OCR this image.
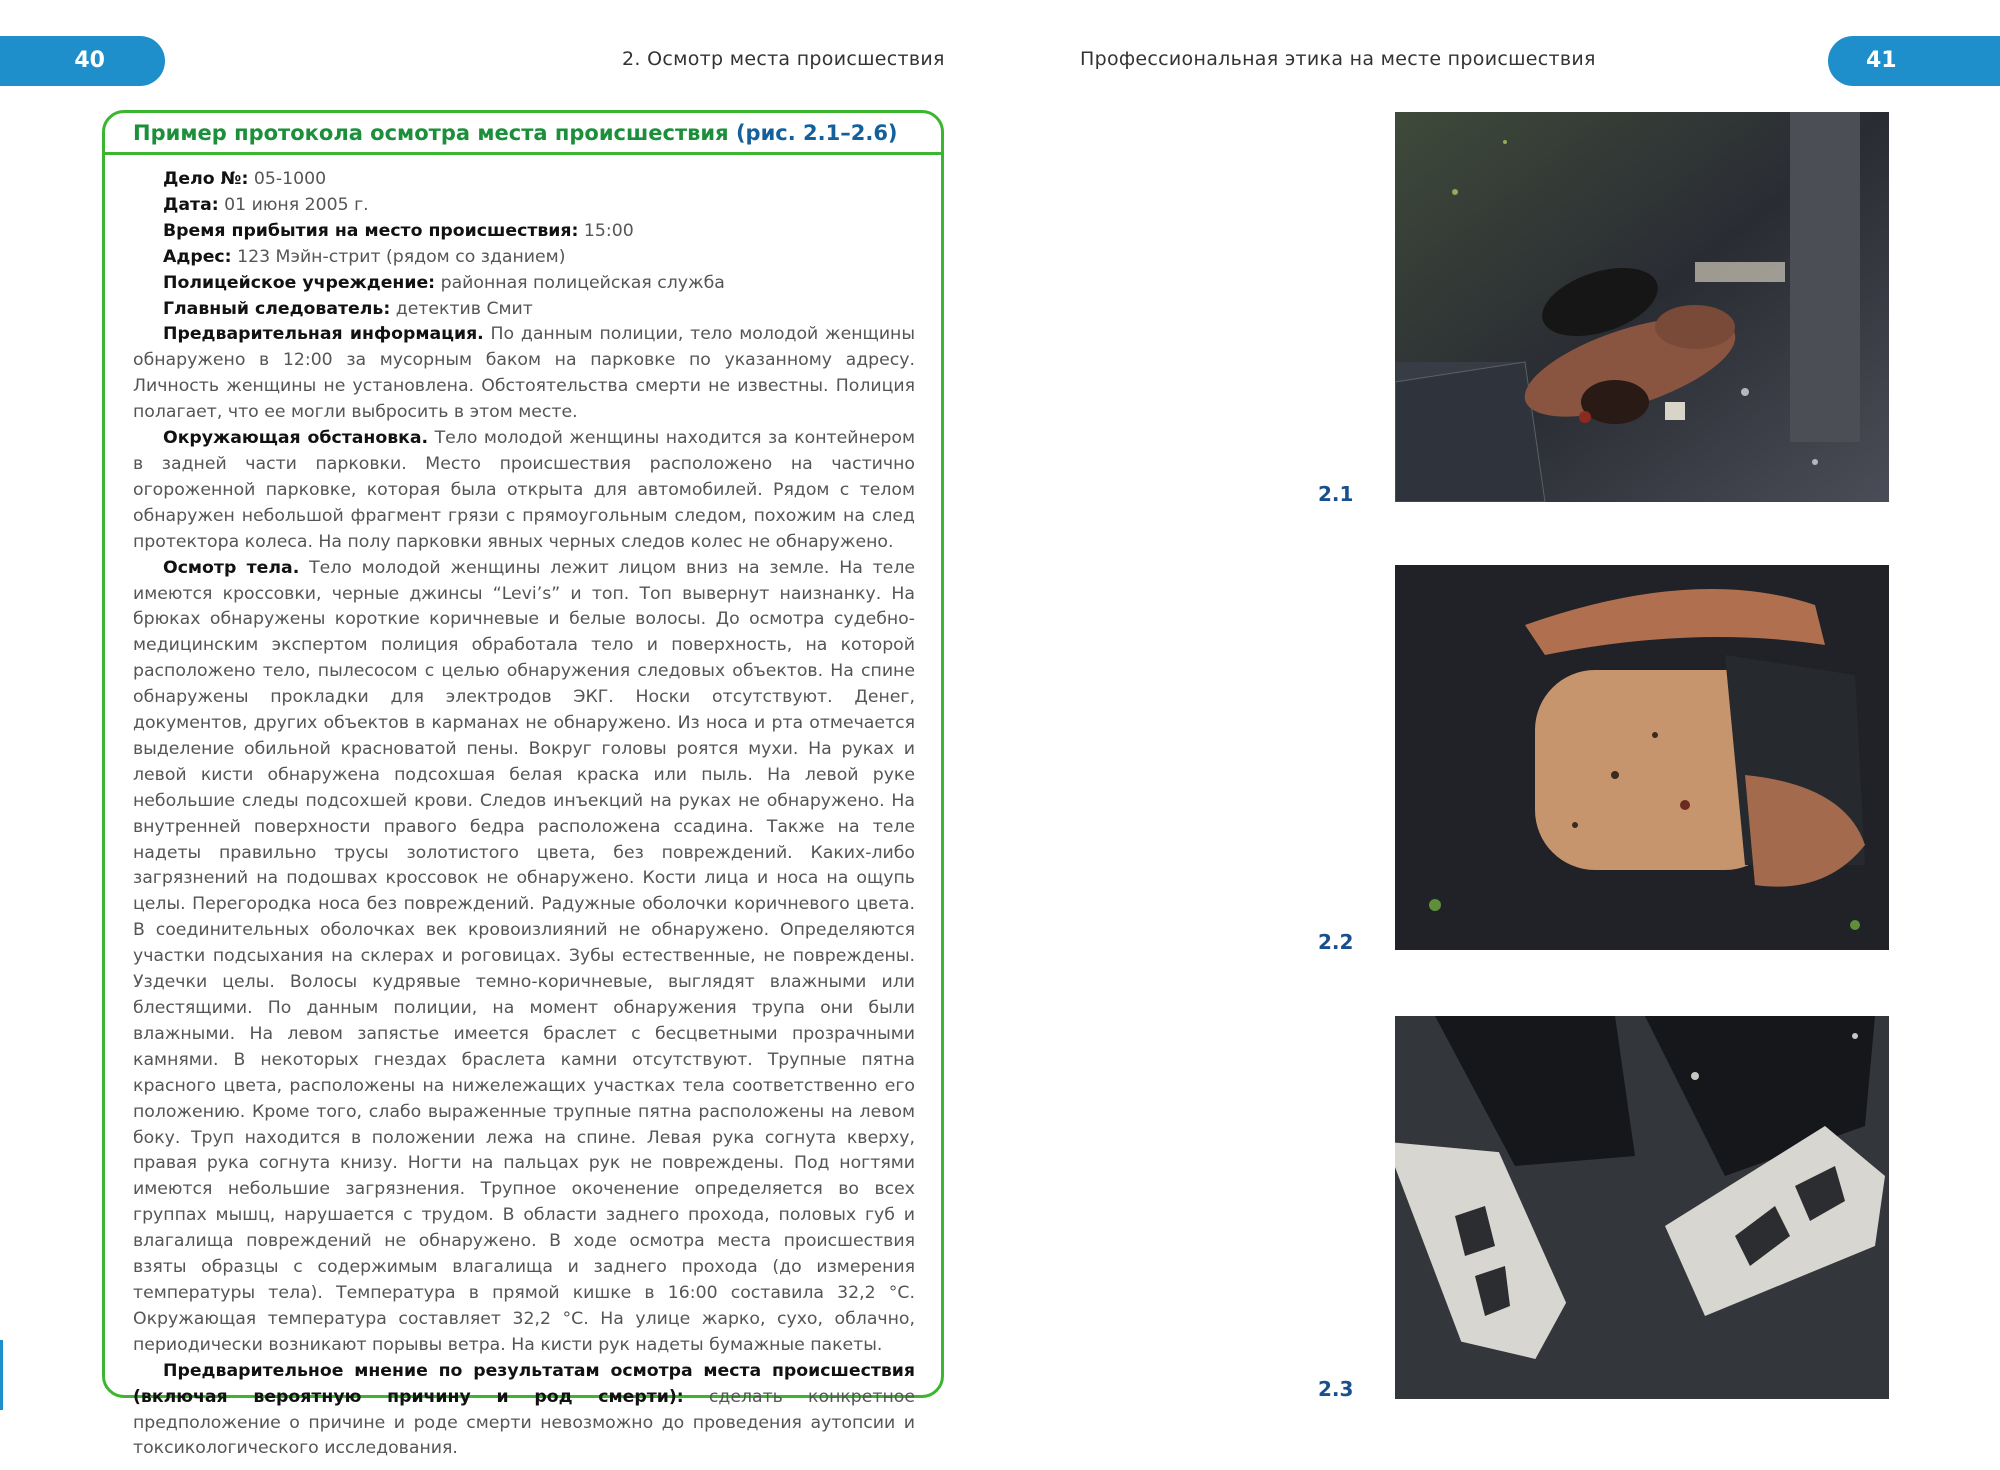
40	2. Осмотр места происшествия	Профессиональная этика на месте происшествия	41
Пример протокола осмотра места происшествия (рис. 2.1–2.6)
Дело №: 05-1000
Дата: 01 июня 2005 г.
Время прибытия на место происшествия: 15:00
Адрес: 123 Мэйн-стрит (рядом со зданием)
Полицейское учреждение: районная полицейская служба
Главный следователь: детектив Смит

Предварительная информация. По данным полиции, тело молодой женщины обнаружено в 12:00 за мусорным баком на парковке по указанному адресу. Личность женщины не установлена. Обстоятельства смерти не известны. Полиция полагает, что ее могли выбросить в этом месте.

Окружающая обстановка. Тело молодой женщины находится за контейнером в задней части парковки. Место происшествия расположено на частично огороженной парковке, которая была открыта для автомобилей. Рядом с телом обнаружен небольшой фрагмент грязи с прямоугольным следом, похожим на след протектора колеса. На полу парковки явных черных следов колес не обнаружено.

Осмотр тела. Тело молодой женщины лежит лицом вниз на земле. На теле имеются кроссовки, черные джинсы “Levi’s” и топ. Топ вывернут наизнанку. На брюках обнаружены короткие коричневые и белые волосы. До осмотра судебно-медицинским экспертом полиция обработала тело и поверхность, на которой расположено тело, пылесосом с целью обнаружения следовых объектов. На спине обнаружены прокладки для электродов ЭКГ. Носки отсутствуют. Денег, документов, других объектов в карманах не обнаружено. Из носа и рта отмечается выделение обильной красноватой пены. Вокруг головы роятся мухи. На руках и левой кисти обнаружена подсохшая белая краска или пыль. На левой руке небольшие следы подсохшей крови. Следов инъекций на руках не обнаружено. На внутренней поверхности правого бедра расположена ссадина. Также на теле надеты правильно трусы золотистого цвета, без повреждений. Каких-либо загрязнений на подошвах кроссовок не обнаружено. Кости лица и носа на ощупь целы. Перегородка носа без повреждений. Радужные оболочки коричневого цвета. В соединительных оболочках век кровоизлияний не обнаружено. Определяются участки подсыхания на склерах и роговицах. Зубы естественные, не повреждены. Уздечки целы. Волосы кудрявые темно-коричневые, выглядят влажными или блестящими. По данным полиции, на момент обнаружения трупа они были влажными. На левом запястье имеется браслет с бесцветными прозрачными камнями. В некоторых гнездах браслета камни отсутствуют. Трупные пятна красного цвета, расположены на нижележащих участках тела соответственно его положению. Кроме того, слабо выраженные трупные пятна расположены на левом боку. Труп находится в положении лежа на спине. Левая рука согнута кверху, правая рука согнута книзу. Ногти на пальцах рук не повреждены. Под ногтями имеются небольшие загрязнения. Трупное окоченение определяется во всех группах мышц, нарушается с трудом. В области заднего прохода, половых губ и влагалища повреждений не обнаружено. В ходе осмотра места происшествия взяты образцы с содержимым влагалища и заднего прохода (до измерения температуры тела). Температура в прямой кишке в 16:00 составила 32,2 °C. Окружающая температура составляет 32,2 °C. На улице жарко, сухо, облачно, периодически возникают порывы ветра. На кисти рук надеты бумажные пакеты.

Предварительное мнение по результатам осмотра места происшествия (включая вероятную причину и род смерти): сделать конкретное предположение о причине и роде смерти невозможно до проведения аутопсии и токсикологического исследования.

2.1
2.2
2.3
